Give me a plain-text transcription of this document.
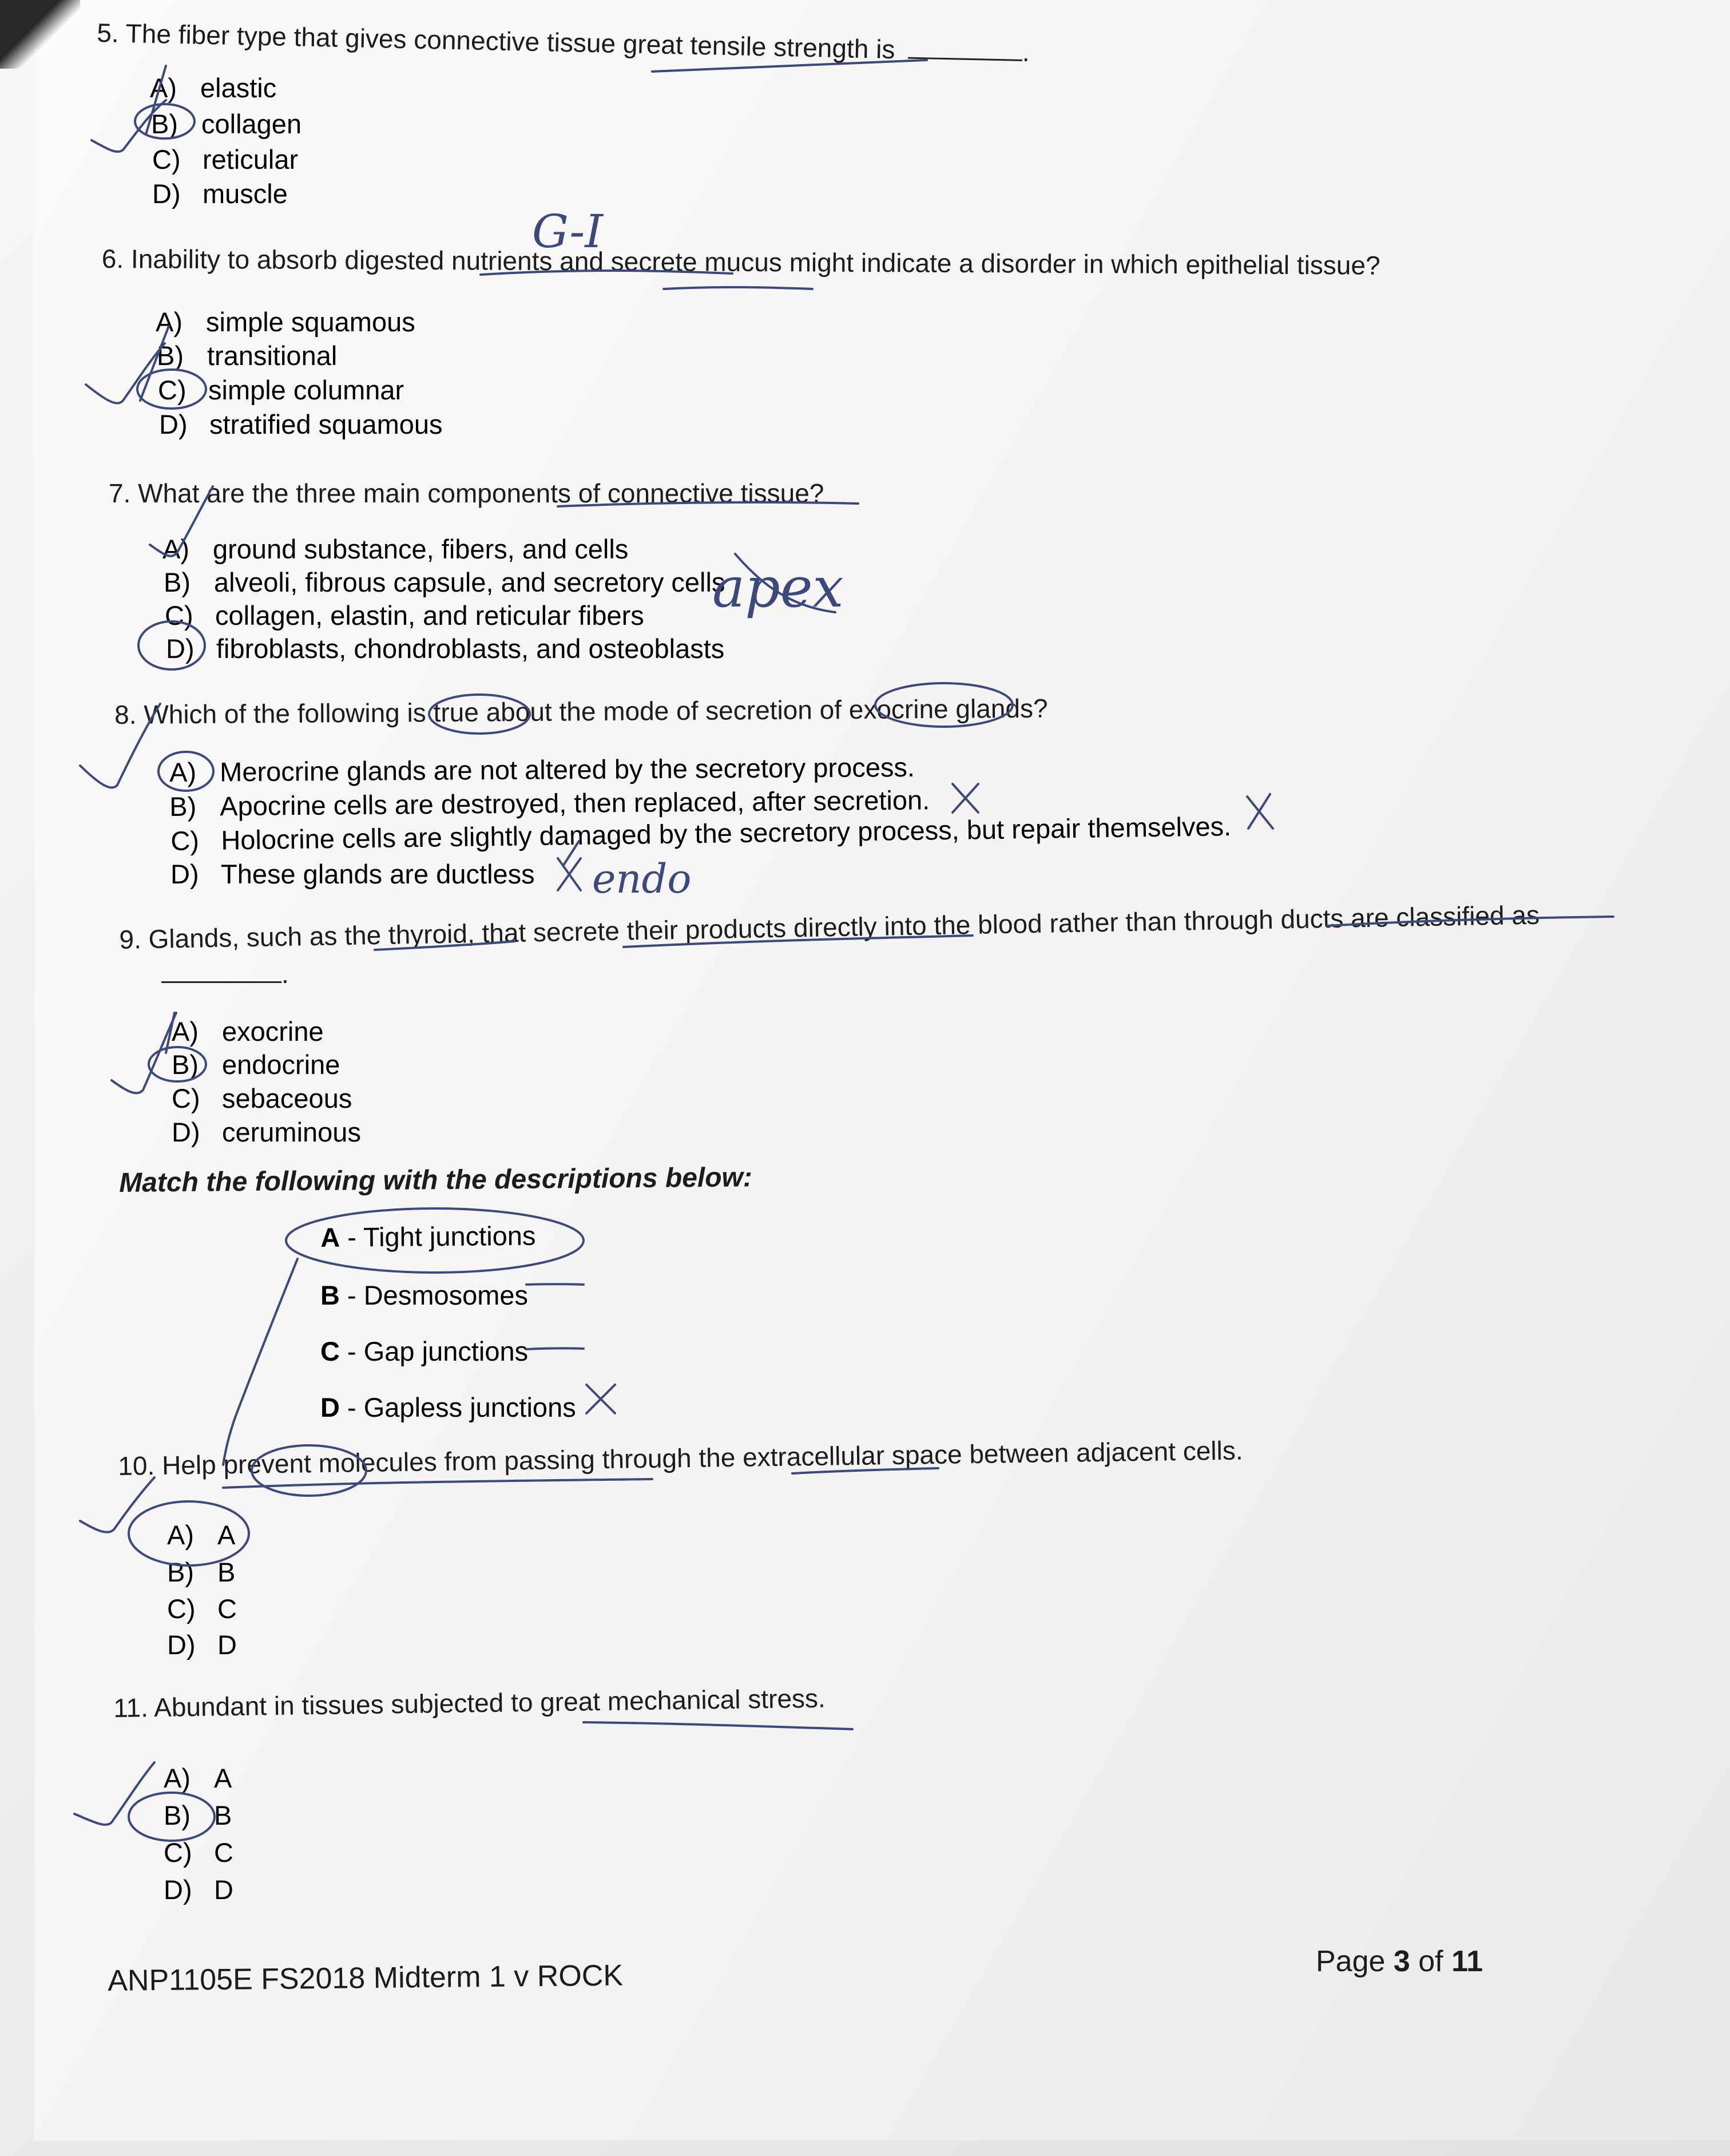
5. The fiber type that gives connective tissue great tensile strength is	.
A) elastic
B) collagen
C) reticular
D) muscle
6. Inability to absorb digested nutrients and secrete mucus might indicate a disorder in which epithelial tissue?
A) simple squamous
B) transitional
C) simple columnar
D) stratified squamous
7. What are the three main components of connective tissue?
A) ground substance, fibers, and cells
B) alveoli, fibrous capsule, and secretory cells
C) collagen, elastin, and reticular fibers
D) fibroblasts, chondroblasts, and osteoblasts
8. Which of the following is true about the mode of secretion of exocrine glands?
A) Merocrine glands are not altered by the secretory process.
B) Apocrine cells are destroyed, then replaced, after secretion.
C) Holocrine cells are slightly damaged by the secretory process, but repair themselves.
D) These glands are ductless
9. Glands, such as the thyroid, that secrete their products directly into the blood rather than through ducts are classified as
.
A) exocrine
B) endocrine
C) sebaceous
D) ceruminous
Match the following with the descriptions below:
A - Tight junctions
B - Desmosomes
C - Gap junctions
D - Gapless junctions
10. Help prevent molecules from passing through the extracellular space between adjacent cells.
A) A
B) B
C) C
D) D
11. Abundant in tissues subjected to great mechanical stress.
A) A
B) B
C) C
D) D
ANP1105E FS2018 Midterm 1 v ROCK	Page 3 of 11
G-I
apex
endo
